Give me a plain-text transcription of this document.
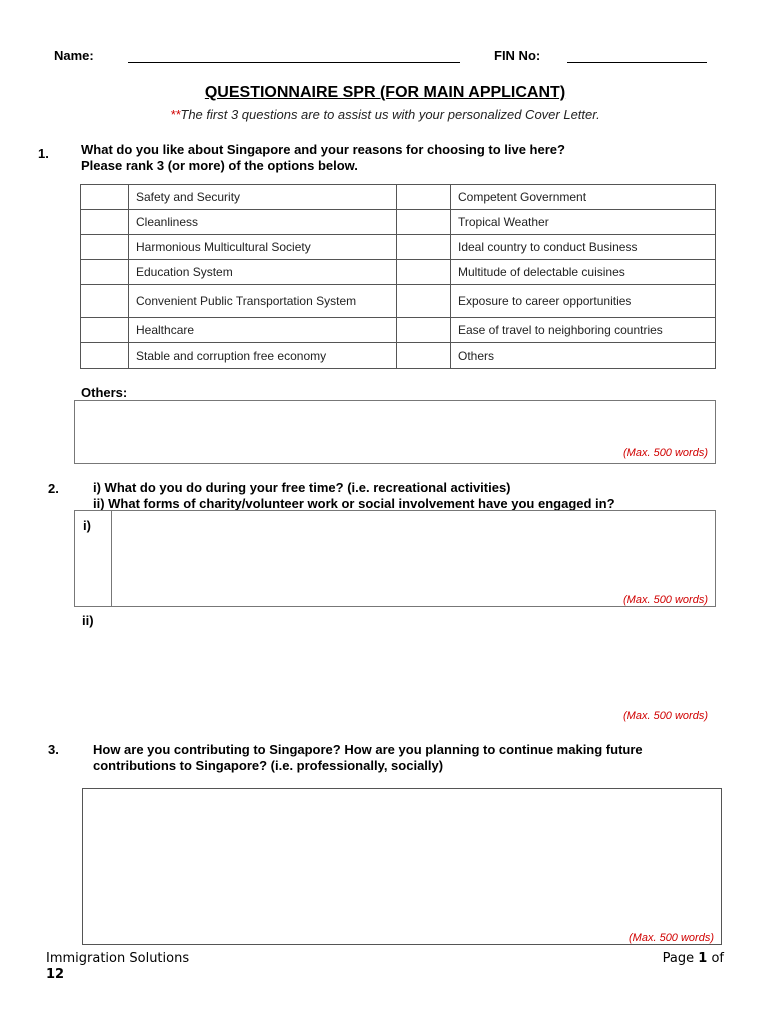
Name:	FIN No:
QUESTIONNAIRE SPR (FOR MAIN APPLICANT)
**The first 3 questions are to assist us with your personalized Cover Letter.
1. What do you like about Singapore and your reasons for choosing to live here?
Please rank 3 (or more) of the options below.
	Safety and Security		Competent Government
	Cleanliness		Tropical Weather
	Harmonious Multicultural Society		Ideal country to conduct Business
	Education System		Multitude of delectable cuisines
	Convenient Public Transportation System		Exposure to career opportunities
	Healthcare		Ease of travel to neighboring countries
	Stable and corruption free economy		Others
Others:
(Max. 500 words)
2.	i) What do you do during your free time? (i.e. recreational activities)
ii) What forms of charity/volunteer work or social involvement have you engaged in?
i)
(Max. 500 words)
ii)
(Max. 500 words)
3.	How are you contributing to Singapore? How are you planning to continue making future
contributions to Singapore? (i.e. professionally, socially)
(Max. 500 words)
Immigration Solutions
12
Page 1 of
